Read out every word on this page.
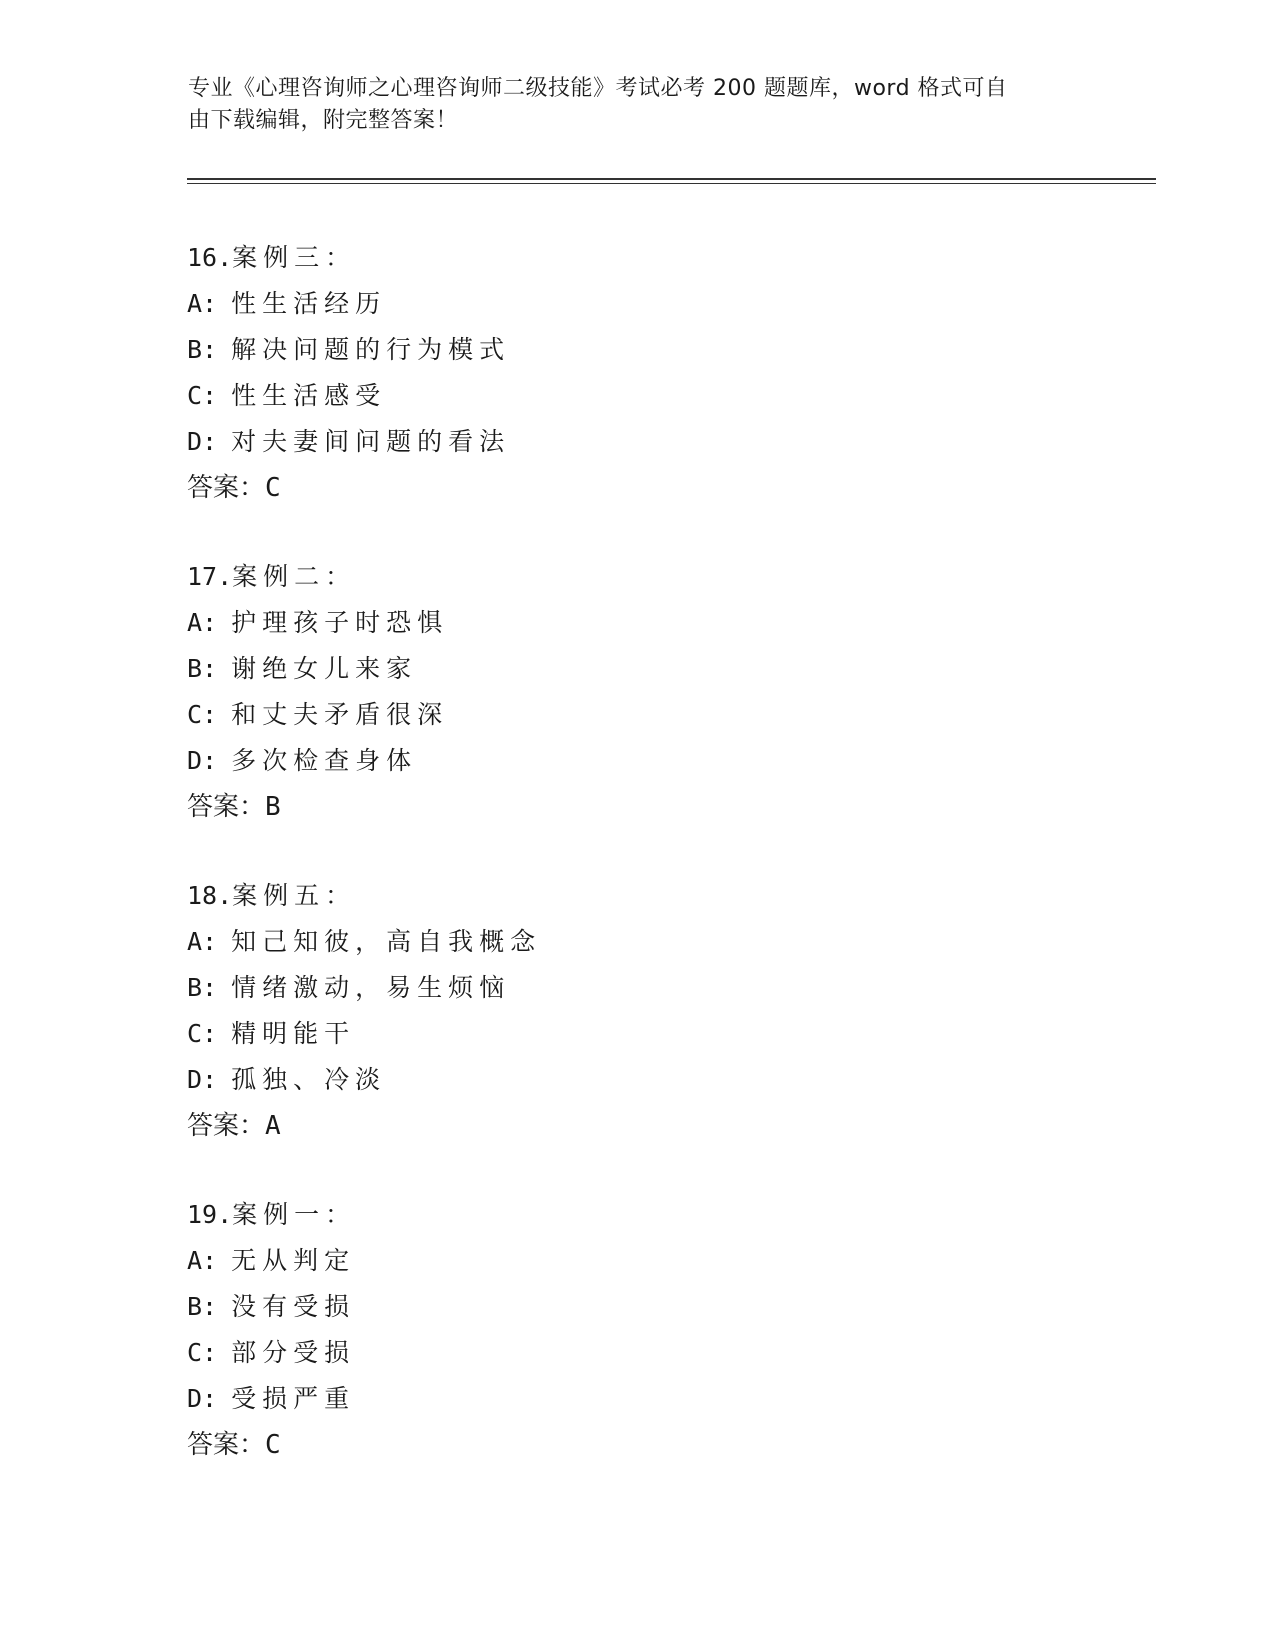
专业《心理咨询师之心理咨询师二级技能》考试必考 200 题题库，word 格式可自
由下载编辑，附完整答案！
16.案例三：
A: 性生活经历
B: 解决问题的行为模式
C: 性生活感受
D: 对夫妻间问题的看法
答案：C
17.案例二：
A: 护理孩子时恐惧
B: 谢绝女儿来家
C: 和丈夫矛盾很深
D: 多次检查身体
答案：B
18.案例五：
A: 知己知彼，高自我概念
B: 情绪激动，易生烦恼
C: 精明能干
D: 孤独、冷淡
答案：A
19.案例一：
A: 无从判定
B: 没有受损
C: 部分受损
D: 受损严重
答案：C
